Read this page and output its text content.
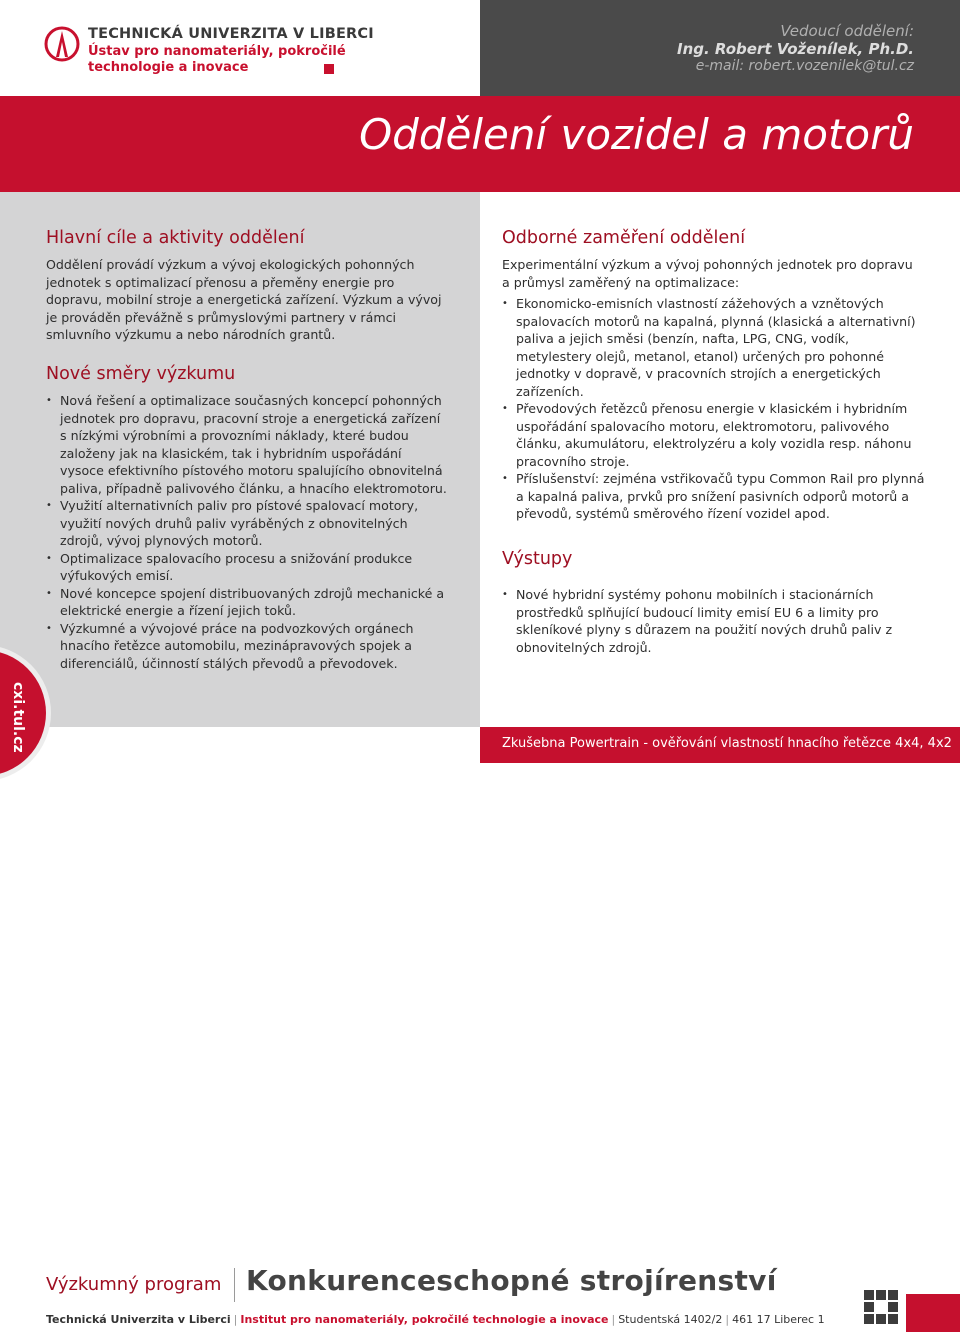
TECHNICKÁ UNIVERZITA V LIBERCI
Ústav pro nanomateriály, pokročilé
technologie a inovace
Vedoucí oddělení:
Ing. Robert Voženílek, Ph.D.
e-mail: robert.vozenilek@tul.cz
Oddělení vozidel a motorů
Hlavní cíle a aktivity oddělení
Oddělení provádí výzkum a vývoj ekologických pohonných jednotek s optimalizací přenosu a přeměny energie pro dopravu, mobilní stroje a energetická zařízení. Výzkum a vývoj je prováděn převážně s průmyslovými partnery v rámci smluvního výzkumu a nebo národních grantů.
Nové směry výzkumu
• Nová řešení a optimalizace současných koncepcí pohonných jednotek pro dopravu, pracovní stroje a energetická zařízení s nízkými výrobními a provozními náklady, které budou založeny jak na klasickém, tak i hybridním uspořádání vysoce efektivního pístového motoru spalujícího obnovitelná paliva, případně palivového článku, a hnacího elektromotoru.
• Využití alternativních paliv pro pístové spalovací motory, využití nových druhů paliv vyráběných z obnovitelných zdrojů, vývoj plynových motorů.
• Optimalizace spalovacího procesu a snižování produkce výfukových emisí.
• Nové koncepce spojení distribuovaných zdrojů mechanické a elektrické energie a řízení jejich toků.
• Výzkumné a vývojové práce na podvozkových orgánech hnacího řetězce automobilu, mezinápravových spojek a diferenciálů, účinností stálých převodů a převodovek.
Odborné zaměření oddělení
Experimentální výzkum a vývoj pohonných jednotek pro dopravu a průmysl zaměřený na optimalizace:
• Ekonomicko-emisních vlastností zážehových a vznětových spalovacích motorů na kapalná, plynná (klasická a alternativní) paliva a jejich směsi (benzín, nafta, LPG, CNG, vodík, metylestery olejů, metanol, etanol) určených pro pohonné jednotky v dopravě, v pracovních strojích a energetických zařízeních.
• Převodových řetězců přenosu energie v klasickém i hybridním uspořádání spalovacího motoru, elektromotoru, palivového článku, akumulátoru, elektrolyzéru a koly vozidla resp. náhonu pracovního stroje.
• Příslušenství: zejména vstřikovačů typu Common Rail pro plynná a kapalná paliva, prvků pro snížení pasivních odporů motorů a převodů, systémů směrového řízení vozidel apod.
Výstupy
• Nové hybridní systémy pohonu mobilních i stacionárních prostředků splňující budoucí limity emisí EU 6 a limity pro skleníkové plyny s důrazem na použití nových druhů paliv z obnovitelných zdrojů.
Zkušebna Powertrain - ověřování vlastností hnacího řetězce 4x4, 4x2
cxi.tul.cz
Výzkumný program Konkurenceschopné strojírenství
Technická Univerzita v Liberci | Institut pro nanomateriály, pokročilé technologie a inovace | Studentská 1402/2 | 461 17 Liberec 1
